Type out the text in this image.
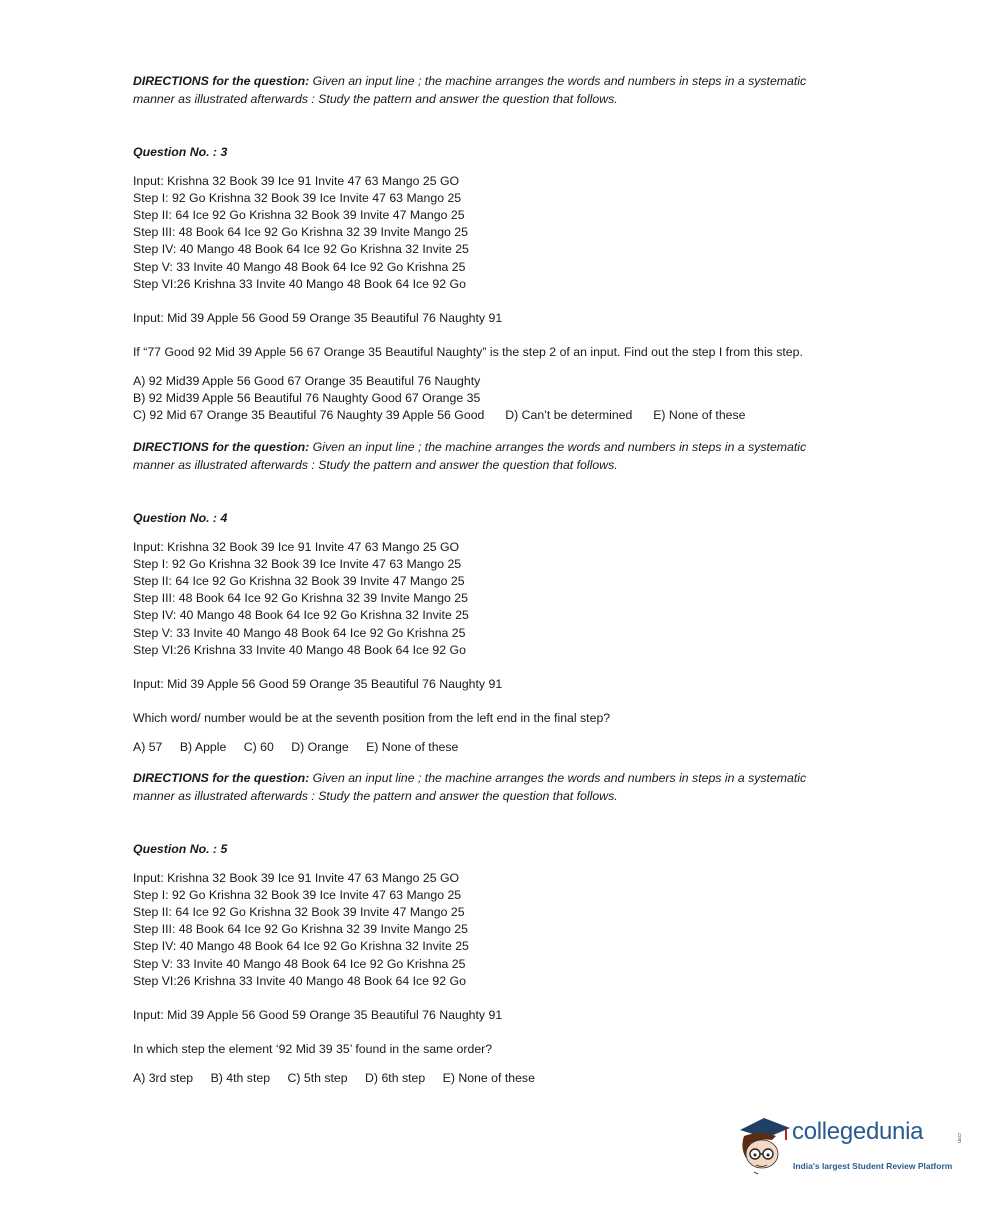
DIRECTIONS for the question: Given an input line ; the machine arranges the words and numbers in steps in a systematic
manner as illustrated afterwards : Study the pattern and answer the question that follows.
Question No. : 3
Input: Krishna 32 Book 39 Ice 91 Invite 47 63 Mango 25 GO
Step I: 92 Go Krishna 32 Book 39 Ice Invite 47 63 Mango 25
Step II: 64 Ice 92 Go Krishna 32 Book 39 Invite 47 Mango 25
Step III: 48 Book 64 Ice 92 Go Krishna 32 39 Invite Mango 25
Step IV: 40 Mango 48 Book 64 Ice 92 Go Krishna 32 Invite 25
Step V: 33 Invite 40 Mango 48 Book 64 Ice 92 Go Krishna 25
Step VI:26 Krishna 33 Invite 40 Mango 48 Book 64 Ice 92 Go
Input: Mid 39 Apple 56 Good 59 Orange 35 Beautiful 76 Naughty 91
If “77 Good 92 Mid 39 Apple 56 67 Orange 35 Beautiful Naughty” is the step 2 of an input. Find out the step I from this step.
A) 92 Mid39 Apple 56 Good 67 Orange 35 Beautiful 76 Naughty
B) 92 Mid39 Apple 56 Beautiful 76 Naughty Good 67 Orange 35
C) 92 Mid 67 Orange 35 Beautiful 76 Naughty 39 Apple 56 Good D) Can’t be determined E) None of these
DIRECTIONS for the question: Given an input line ; the machine arranges the words and numbers in steps in a systematic
manner as illustrated afterwards : Study the pattern and answer the question that follows.
Question No. : 4
Input: Krishna 32 Book 39 Ice 91 Invite 47 63 Mango 25 GO
Step I: 92 Go Krishna 32 Book 39 Ice Invite 47 63 Mango 25
Step II: 64 Ice 92 Go Krishna 32 Book 39 Invite 47 Mango 25
Step III: 48 Book 64 Ice 92 Go Krishna 32 39 Invite Mango 25
Step IV: 40 Mango 48 Book 64 Ice 92 Go Krishna 32 Invite 25
Step V: 33 Invite 40 Mango 48 Book 64 Ice 92 Go Krishna 25
Step VI:26 Krishna 33 Invite 40 Mango 48 Book 64 Ice 92 Go
Input: Mid 39 Apple 56 Good 59 Orange 35 Beautiful 76 Naughty 91
Which word/ number would be at the seventh position from the left end in the final step?
A) 57 B) Apple C) 60 D) Orange E) None of these
DIRECTIONS for the question: Given an input line ; the machine arranges the words and numbers in steps in a systematic
manner as illustrated afterwards : Study the pattern and answer the question that follows.
Question No. : 5
Input: Krishna 32 Book 39 Ice 91 Invite 47 63 Mango 25 GO
Step I: 92 Go Krishna 32 Book 39 Ice Invite 47 63 Mango 25
Step II: 64 Ice 92 Go Krishna 32 Book 39 Invite 47 Mango 25
Step III: 48 Book 64 Ice 92 Go Krishna 32 39 Invite Mango 25
Step IV: 40 Mango 48 Book 64 Ice 92 Go Krishna 32 Invite 25
Step V: 33 Invite 40 Mango 48 Book 64 Ice 92 Go Krishna 25
Step VI:26 Krishna 33 Invite 40 Mango 48 Book 64 Ice 92 Go
Input: Mid 39 Apple 56 Good 59 Orange 35 Beautiful 76 Naughty 91
In which step the element ‘92 Mid 39 35’ found in the same order?
A) 3rd step B) 4th step C) 5th step D) 6th step E) None of these
collegedunia	.com
India's largest Student Review Platform
